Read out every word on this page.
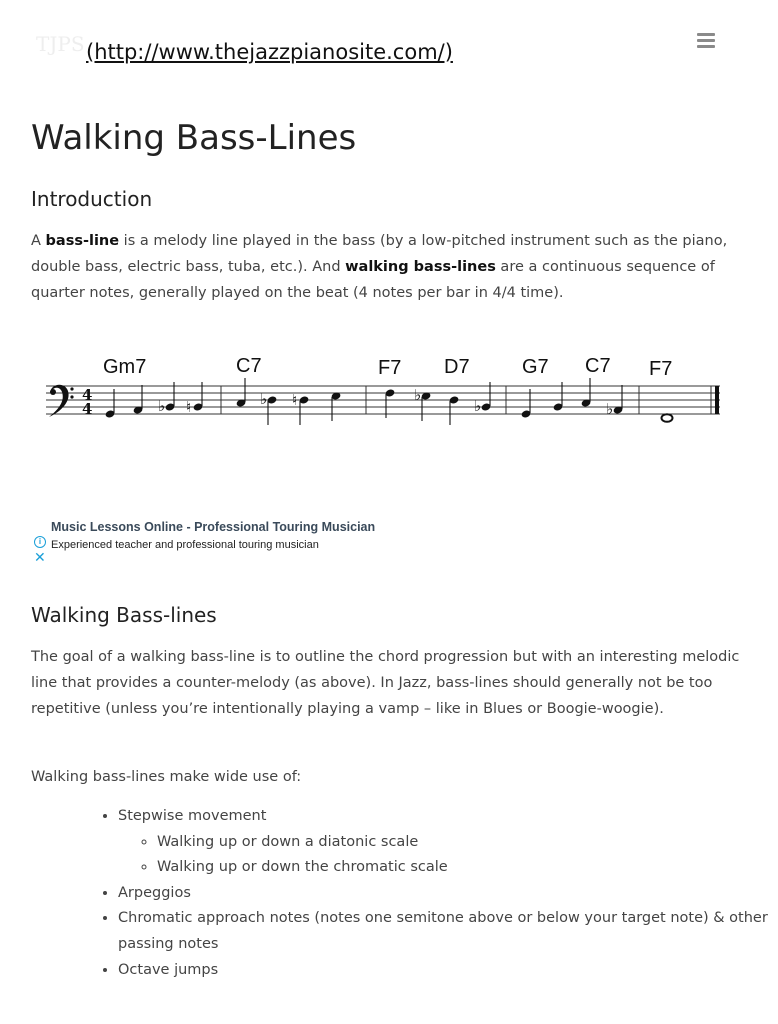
TJPS (http://www.thejazzpianosite.com/)
Walking Bass-Lines
Introduction

A bass-line is a melody line played in the bass (by a low-pitched instrument such as the piano, double bass, electric bass, tuba, etc.). And walking bass-lines are a continuous sequence of quarter notes, generally played on the beat (4 notes per bar in 4/4 time).

Gm7	C7	F7 D7	G7 C7 F7
4
4	♭ ♮	♭ ♮	♭
♭	♭
i
✕
Music Lessons Online - Professional Touring Musician
Experienced teacher and professional touring musician
Walking Bass-lines

The goal of a walking bass-line is to outline the chord progression but with an interesting melodic line that provides a counter-melody (as above). In Jazz, bass-lines should generally not be too repetitive (unless you’re intentionally playing a vamp – like in Blues or Boogie-woogie).

Walking bass-lines make wide use of:

• Stepwise movement
◦ Walking up or down a diatonic scale
◦ Walking up or down the chromatic scale
• Arpeggios
• Chromatic approach notes (notes one semitone above or below your target note) & other passing notes
• Octave jumps
